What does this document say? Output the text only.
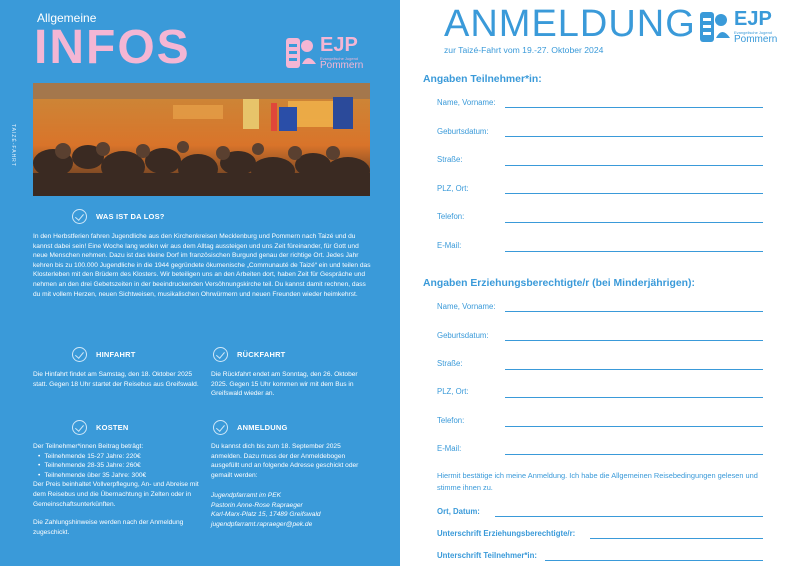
Allgemeine
INFOS	EJP
Evangelische Jugend
Pommern
TAIZÉ-FAHRT
WAS IST DA LOS?
In den Herbstferien fahren Jugendliche aus den Kirchenkreisen Mecklenburg und Pommern nach Taizé und du kannst dabei sein! Eine Woche lang wollen wir aus dem Alltag aussteigen und uns Zeit füreinander, für Gott und neue Menschen nehmen. Dazu ist das kleine Dorf im französischen Burgund genau der richtige Ort. Jedes Jahr kehren bis zu 100.000 Jugendliche in die 1944 gegründete ökumenische „Communauté de Taizé“ ein und teilen das Klosterleben mit den Brüdern des Klosters. Wir beteiligen uns an den Arbeiten dort, haben Zeit für Gespräche und nehmen an den drei Gebetszeiten in der beeindruckenden Versöhnungskirche teil. Du kannst damit rechnen, dass du mit vollem Herzen, neuen Sichtweisen, musikalischen Ohrwürmern und neuen Freunden wieder heimkehrst.
HINFAHRT
Die Hinfahrt findet am Samstag, den 18. Oktober 2025 statt. Gegen 18 Uhr startet der Reisebus aus Greifswald.
RÜCKFAHRT
Die Rückfahrt endet am Sonntag, den 26. Oktober 2025. Gegen 15 Uhr kommen wir mit dem Bus in Greifswald wieder an.
KOSTEN
Der Teilnehmer*innen Beitrag beträgt:
• Teilnehmende 15-27 Jahre: 220€
• Teilnehmende 28-35 Jahre: 260€
• Teilnehmende über 35 Jahre: 300€
Der Preis beinhaltet Vollverpflegung, An- und Abreise mit dem Reisebus und die Übernachtung in Zelten oder in Gemeinschaftsunterkünften.
Die Zahlungshinweise werden nach der Anmeldung zugeschickt.
ANMELDUNG
Du kannst dich bis zum 18. September 2025 anmelden. Dazu muss der der Anmeldebogen ausgefüllt und an folgende Adresse geschickt oder gemailt werden:
Jugendpfarramt im PEK
Pastorin Anne-Rose Rapraeger
Karl-Marx-Platz 15, 17489 Greifswald
jugendpfarramt.rapraeger@pek.de
ANMELDUNG
zur Taizé-Fahrt vom 19.-27. Oktober 2024
EJP
Evangelische Jugend
Pommern
Angaben Teilnehmer*in:
Name, Vorname:
Geburtsdatum:
Straße:
PLZ, Ort:
Telefon:
E-Mail:
Angaben Erziehungsberechtigte/r (bei Minderjährigen):
Name, Vorname:
Geburtsdatum:
Straße:
PLZ, Ort:
Telefon:
E-Mail:
Hiermit bestätige ich meine Anmeldung. Ich habe die Allgemeinen Reisebedingungen gelesen und stimme ihnen zu.
Ort, Datum:
Unterschrift Erziehungsberechtigte/r:
Unterschrift Teilnehmer*in:
